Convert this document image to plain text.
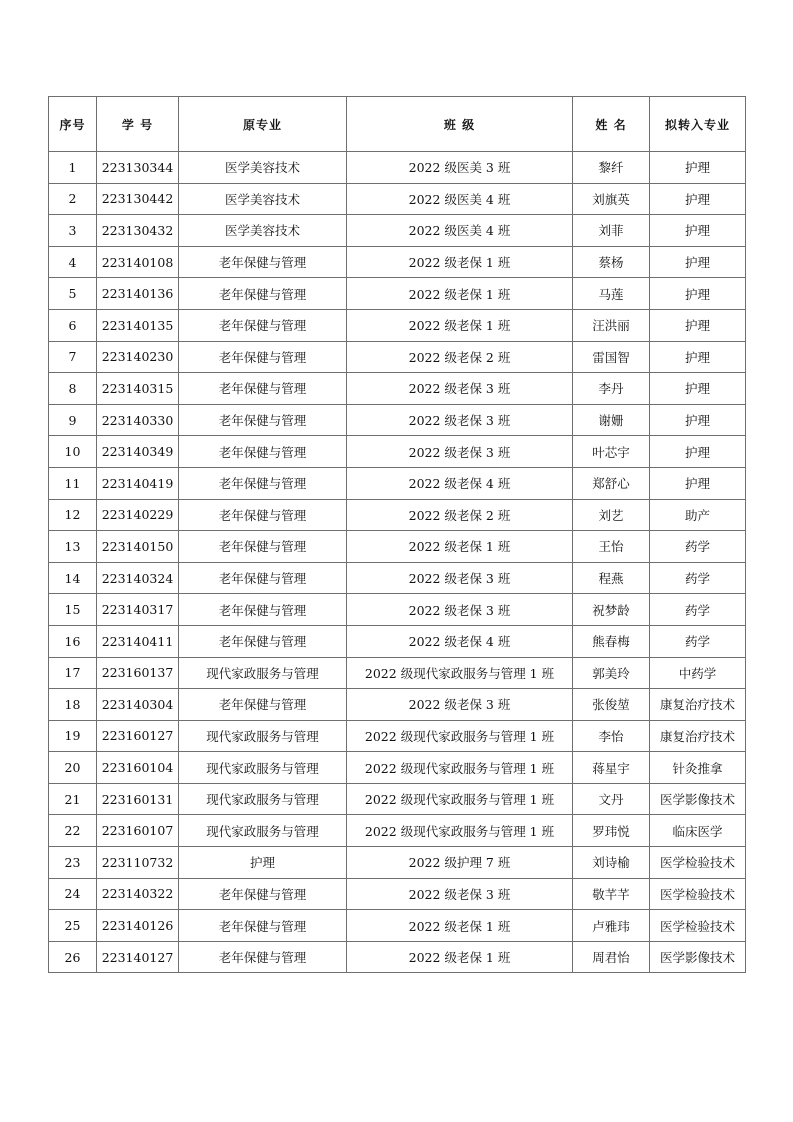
序号	学 号	原专业	班 级	姓 名	拟转入专业
1	223130344	医学美容技术	2022 级医美 3 班	黎纤	护理
2	223130442	医学美容技术	2022 级医美 4 班	刘旗英	护理
3	223130432	医学美容技术	2022 级医美 4 班	刘菲	护理
4	223140108	老年保健与管理	2022 级老保 1 班	蔡杨	护理
5	223140136	老年保健与管理	2022 级老保 1 班	马莲	护理
6	223140135	老年保健与管理	2022 级老保 1 班	汪洪丽	护理
7	223140230	老年保健与管理	2022 级老保 2 班	雷国智	护理
8	223140315	老年保健与管理	2022 级老保 3 班	李丹	护理
9	223140330	老年保健与管理	2022 级老保 3 班	谢姗	护理
10	223140349	老年保健与管理	2022 级老保 3 班	叶芯宇	护理
11	223140419	老年保健与管理	2022 级老保 4 班	郑舒心	护理
12	223140229	老年保健与管理	2022 级老保 2 班	刘艺	助产
13	223140150	老年保健与管理	2022 级老保 1 班	王怡	药学
14	223140324	老年保健与管理	2022 级老保 3 班	程燕	药学
15	223140317	老年保健与管理	2022 级老保 3 班	祝梦龄	药学
16	223140411	老年保健与管理	2022 级老保 4 班	熊春梅	药学
17	223160137	现代家政服务与管理	2022 级现代家政服务与管理 1 班	郭美玲	中药学
18	223140304	老年保健与管理	2022 级老保 3 班	张俊堃	康复治疗技术
19	223160127	现代家政服务与管理	2022 级现代家政服务与管理 1 班	李怡	康复治疗技术
20	223160104	现代家政服务与管理	2022 级现代家政服务与管理 1 班	蒋星宇	针灸推拿
21	223160131	现代家政服务与管理	2022 级现代家政服务与管理 1 班	文丹	医学影像技术
22	223160107	现代家政服务与管理	2022 级现代家政服务与管理 1 班	罗玮悦	临床医学
23	223110732	护理	2022 级护理 7 班	刘诗榆	医学检验技术
24	223140322	老年保健与管理	2022 级老保 3 班	敬芊芊	医学检验技术
25	223140126	老年保健与管理	2022 级老保 1 班	卢雅玮	医学检验技术
26	223140127	老年保健与管理	2022 级老保 1 班	周君怡	医学影像技术
